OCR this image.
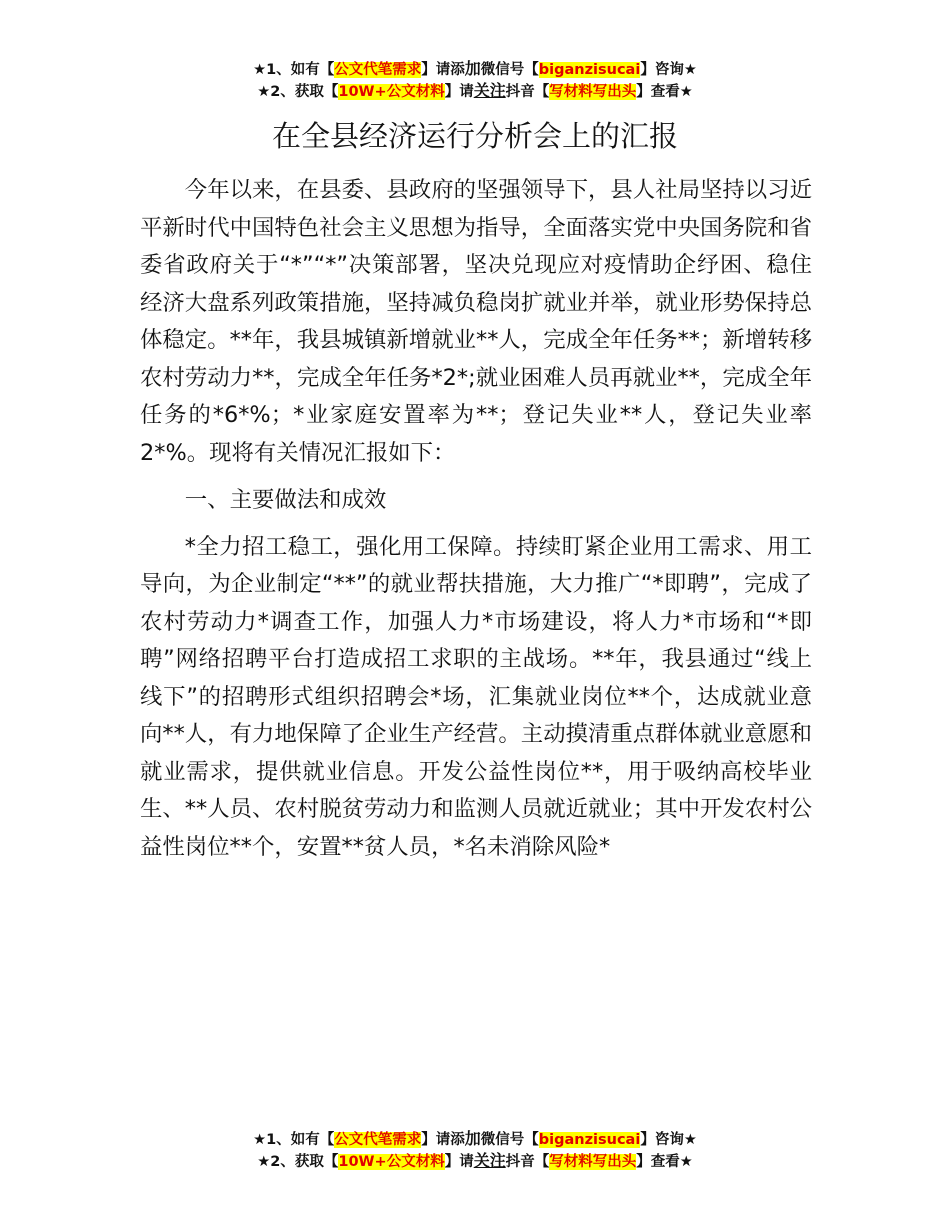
★1、如有【公文代笔需求】请添加微信号【biganzisucai】咨询★
★2、获取【10W+公文材料】请关注抖音【写材料写出头】查看★
在全县经济运行分析会上的汇报

今年以来，在县委、县政府的坚强领导下，县人社局坚持以习近平新时代中国特色社会主义思想为指导，全面落实党中央国务院和省委省政府关于“*”“*”决策部署，坚决兑现应对疫情助企纾困、稳住经济大盘系列政策措施，坚持减负稳岗扩就业并举，就业形势保持总体稳定。**年，我县城镇新增就业**人，完成全年任务**；新增转移农村劳动力**，完成全年任务*2*;就业困难人员再就业**，完成全年任务的*6*%；*业家庭安置率为**；登记失业**人，登记失业率 2*%。现将有关情况汇报如下：

一、主要做法和成效

*全力招工稳工，强化用工保障。持续盯紧企业用工需求、用工导向，为企业制定“**”的就业帮扶措施，大力推广“*即聘”，完成了农村劳动力*调查工作，加强人力*市场建设，将人力*市场和“*即聘”网络招聘平台打造成招工求职的主战场。**年，我县通过“线上线下”的招聘形式组织招聘会*场，汇集就业岗位**个，达成就业意向**人，有力地保障了企业生产经营。主动摸清重点群体就业意愿和就业需求，提供就业信息。开发公益性岗位**，用于吸纳高校毕业生、**人员、农村脱贫劳动力和监测人员就近就业；其中开发农村公益性岗位**个，安置**贫人员，*名未消除风险*

★1、如有【公文代笔需求】请添加微信号【biganzisucai】咨询★
★2、获取【10W+公文材料】请关注抖音【写材料写出头】查看★
